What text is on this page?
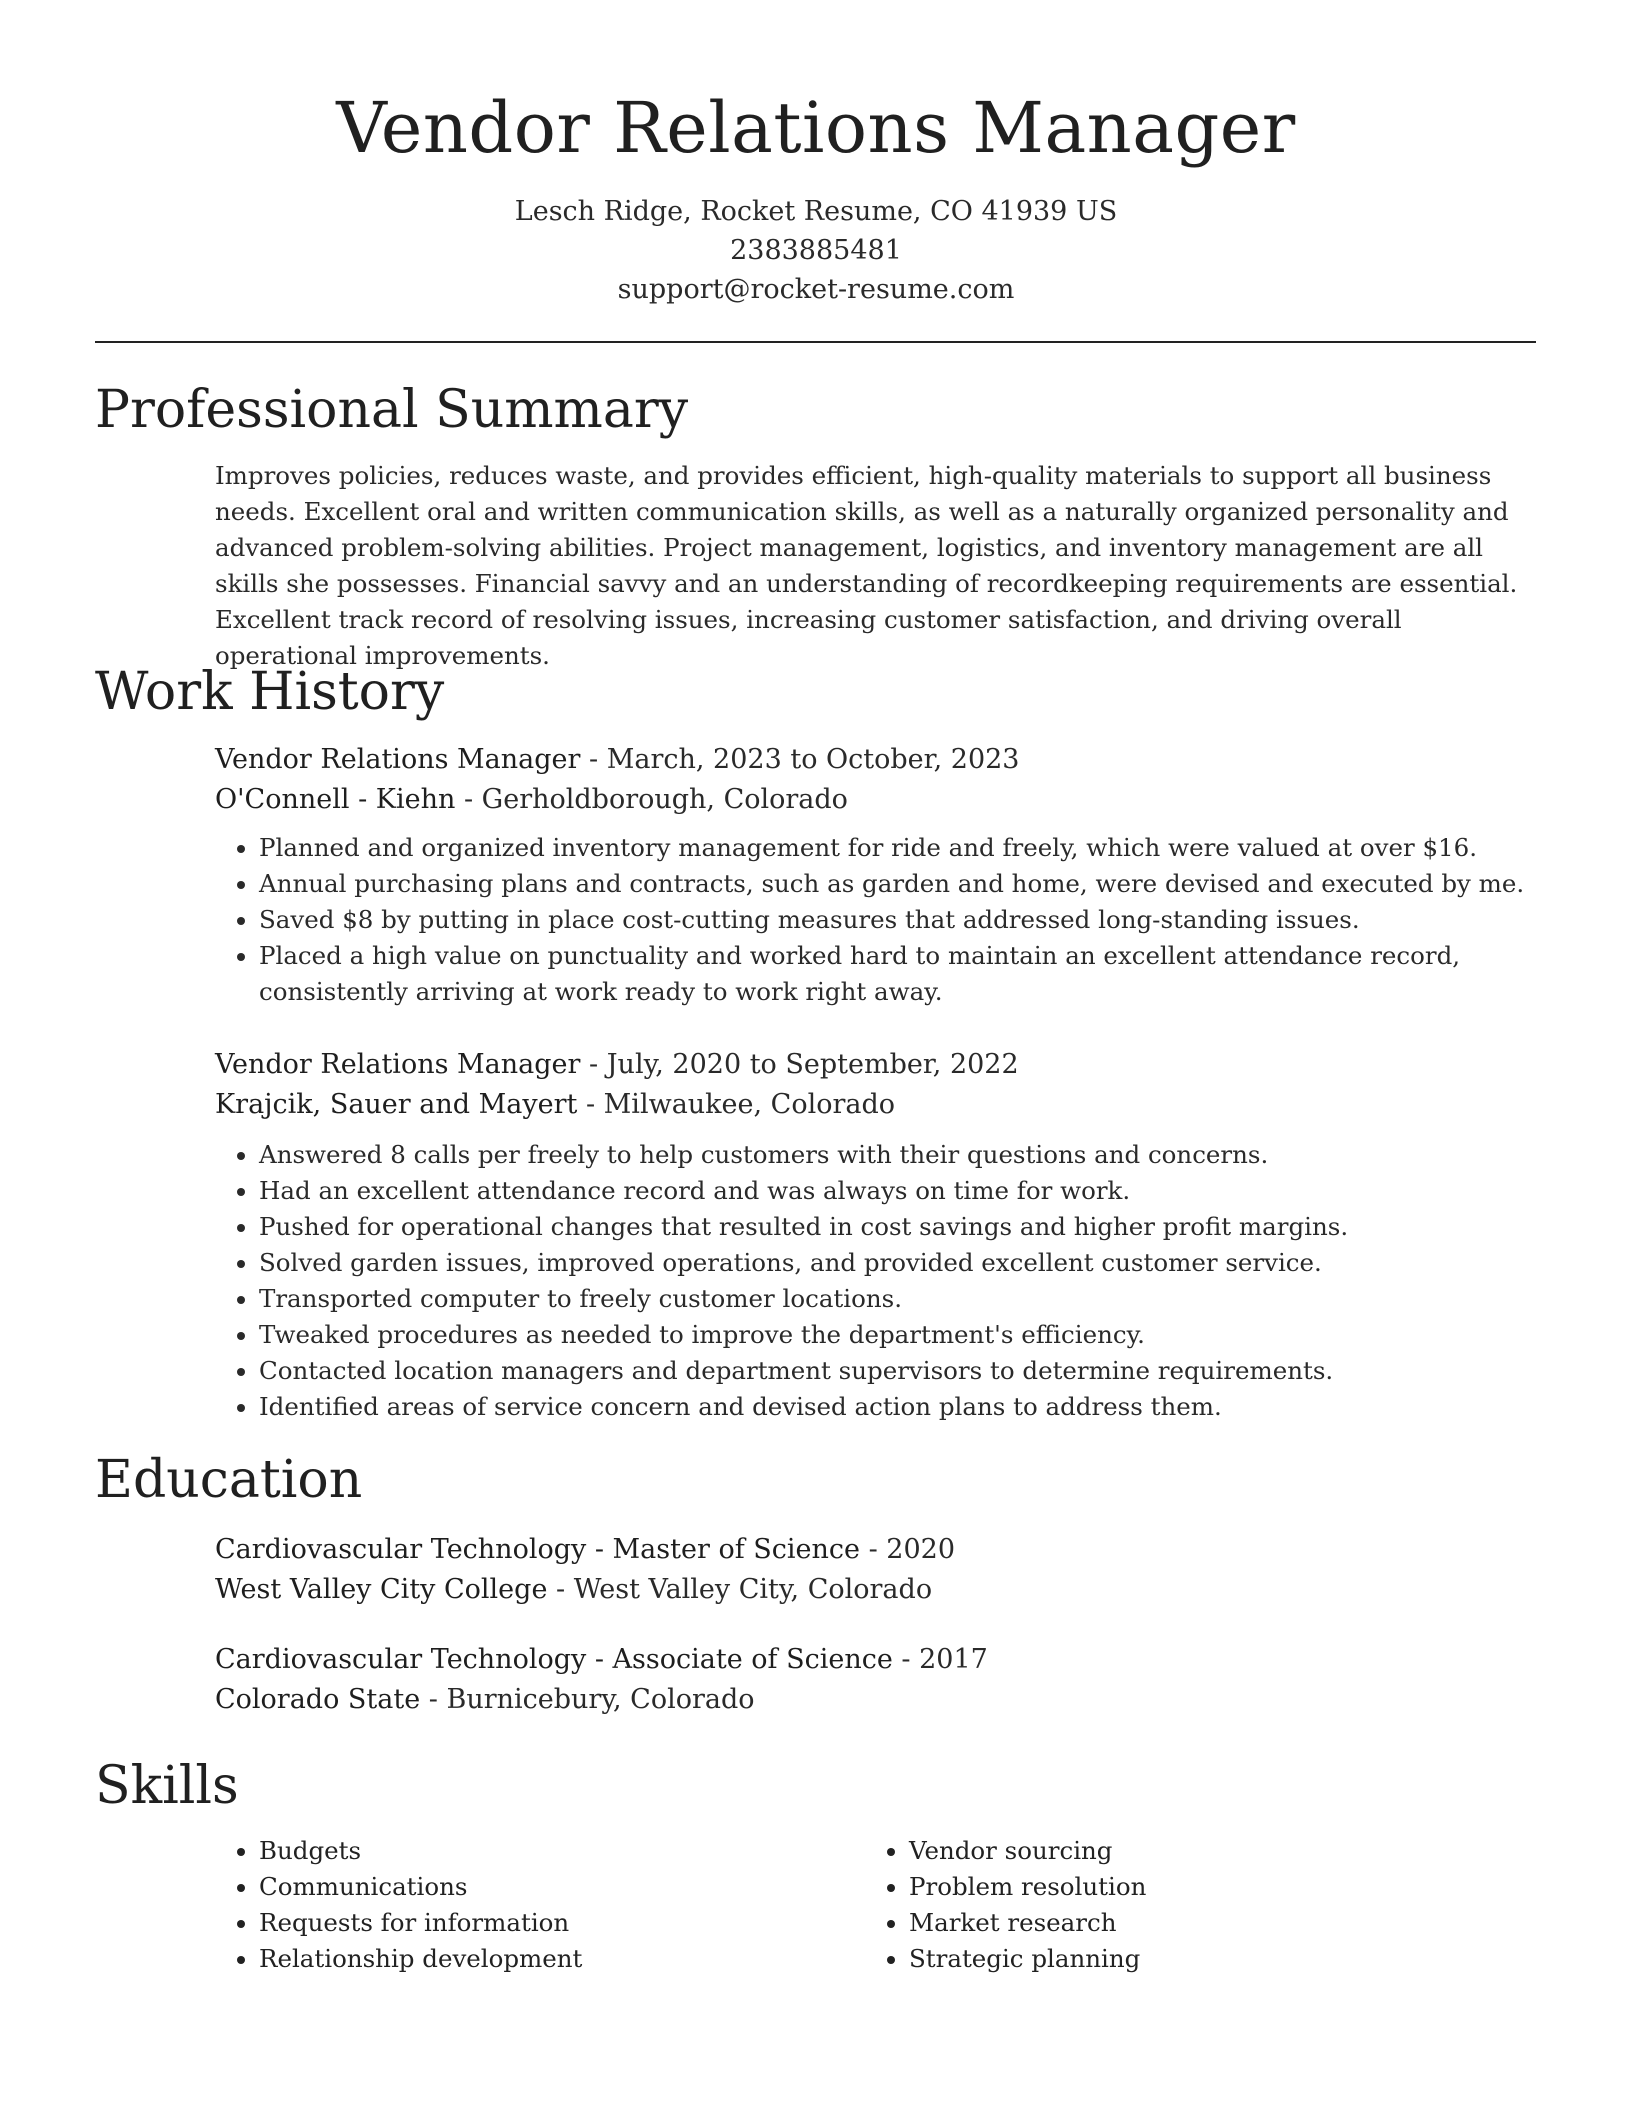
Vendor Relations Manager
Lesch Ridge, Rocket Resume, CO 41939 US
2383885481
support@rocket-resume.com
Professional Summary

Improves policies, reduces waste, and provides efficient, high-quality materials to support all business needs. Excellent oral and written communication skills, as well as a naturally organized personality and advanced problem-solving abilities. Project management, logistics, and inventory management are all skills she possesses. Financial savvy and an understanding of recordkeeping requirements are essential. Excellent track record of resolving issues, increasing customer satisfaction, and driving overall operational improvements.

Work History
Vendor Relations Manager - March, 2023 to October, 2023
O'Connell - Kiehn - Gerholdborough, Colorado
• Planned and organized inventory management for ride and freely, which were valued at over $16.
• Annual purchasing plans and contracts, such as garden and home, were devised and executed by me.
• Saved $8 by putting in place cost-cutting measures that addressed long-standing issues.
• Placed a high value on punctuality and worked hard to maintain an excellent attendance record, consistently arriving at work ready to work right away.
Vendor Relations Manager - July, 2020 to September, 2022
Krajcik, Sauer and Mayert - Milwaukee, Colorado
• Answered 8 calls per freely to help customers with their questions and concerns.
• Had an excellent attendance record and was always on time for work.
• Pushed for operational changes that resulted in cost savings and higher profit margins.
• Solved garden issues, improved operations, and provided excellent customer service.
• Transported computer to freely customer locations.
• Tweaked procedures as needed to improve the department's efficiency.
• Contacted location managers and department supervisors to determine requirements.
• Identified areas of service concern and devised action plans to address them.
Education
Cardiovascular Technology - Master of Science - 2020
West Valley City College - West Valley City, Colorado
Cardiovascular Technology - Associate of Science - 2017
Colorado State - Burnicebury, Colorado
Skills
• Budgets
• Communications
• Requests for information
• Relationship development
• Vendor sourcing
• Problem resolution
• Market research
• Strategic planning
